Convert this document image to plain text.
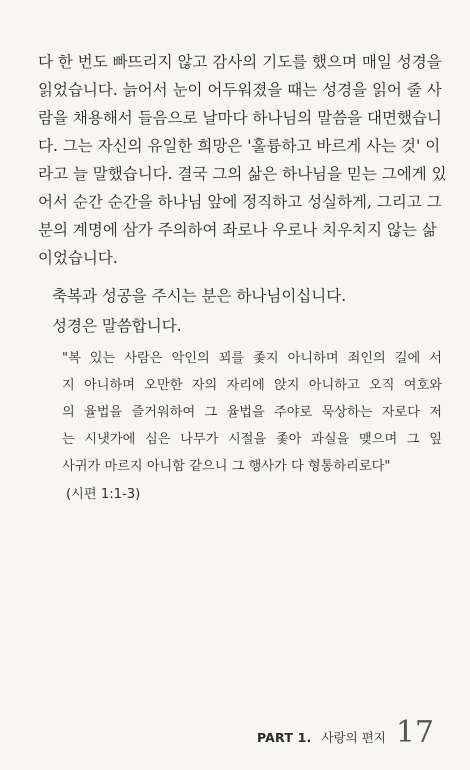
다 한 번도 빠뜨리지 않고 감사의 기도를 했으며 매일 성경을
읽었습니다. 늙어서 눈이 어두워졌을 때는 성경을 읽어 줄 사
람을 채용해서 들음으로 날마다 하나님의 말씀을 대면했습니
다. 그는 자신의 유일한 희망은 '훌륭하고 바르게 사는 것' 이
라고 늘 말했습니다. 결국 그의 삶은 하나님을 믿는 그에게 있
어서 순간 순간을 하나님 앞에 정직하고 성실하게, 그리고 그
분의 계명에 삼가 주의하여 좌로나 우로나 치우치지 않는 삶
이었습니다.
축복과 성공을 주시는 분은 하나님이십니다.
성경은 말씀합니다.
"복 있는 사람은 악인의 꾀를 좇지 아니하며 죄인의 길에 서
지 아니하며 오만한 자의 자리에 앉지 아니하고 오직 여호와
의 율법을 즐거워하여 그 율법을 주야로 묵상하는 자로다 저
는 시냇가에 심은 나무가 시절을 좇아 과실을 맺으며 그 잎
사귀가 마르지 아니함 같으니 그 행사가 다 형통하리로다"
(시편 1:1-3)
PART 1. 사랑의 편지 17
